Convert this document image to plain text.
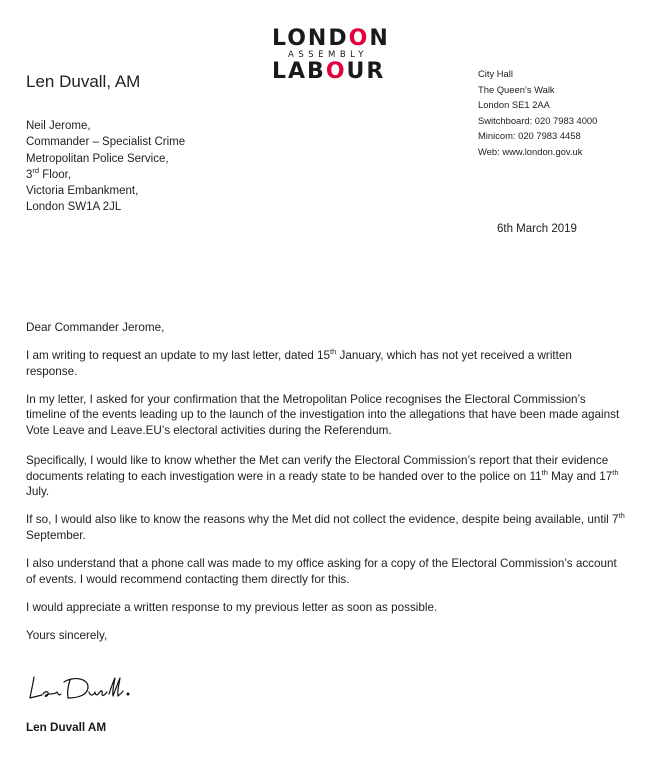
LONDON
ASSEMBLY
LABOUR
Len Duvall, AM	City Hall
The Queen’s Walk
London SE1 2AA
Switchboard: 020 7983 4000
Minicom: 020 7983 4458
Web: www.london.gov.uk
Neil Jerome,
Commander – Specialist Crime
Metropolitan Police Service,
3rd Floor,
Victoria Embankment,
London SW1A 2JL
6th March 2019

Dear Commander Jerome,

I am writing to request an update to my last letter, dated 15th January, which has not yet received a written response.

In my letter, I asked for your confirmation that the Metropolitan Police recognises the Electoral Commission’s timeline of the events leading up to the launch of the investigation into the allegations that have been made against Vote Leave and Leave.EU’s electoral activities during the Referendum.

Specifically, I would like to know whether the Met can verify the Electoral Commission’s report that their evidence documents relating to each investigation were in a ready state to be handed over to the police on 11th May and 17th July.

If so, I would also like to know the reasons why the Met did not collect the evidence, despite being available, until 7th September.

I also understand that a phone call was made to my office asking for a copy of the Electoral Commission’s account of events. I would recommend contacting them directly for this.

I would appreciate a written response to my previous letter as soon as possible.

Yours sincerely,

Len Duvall AM
